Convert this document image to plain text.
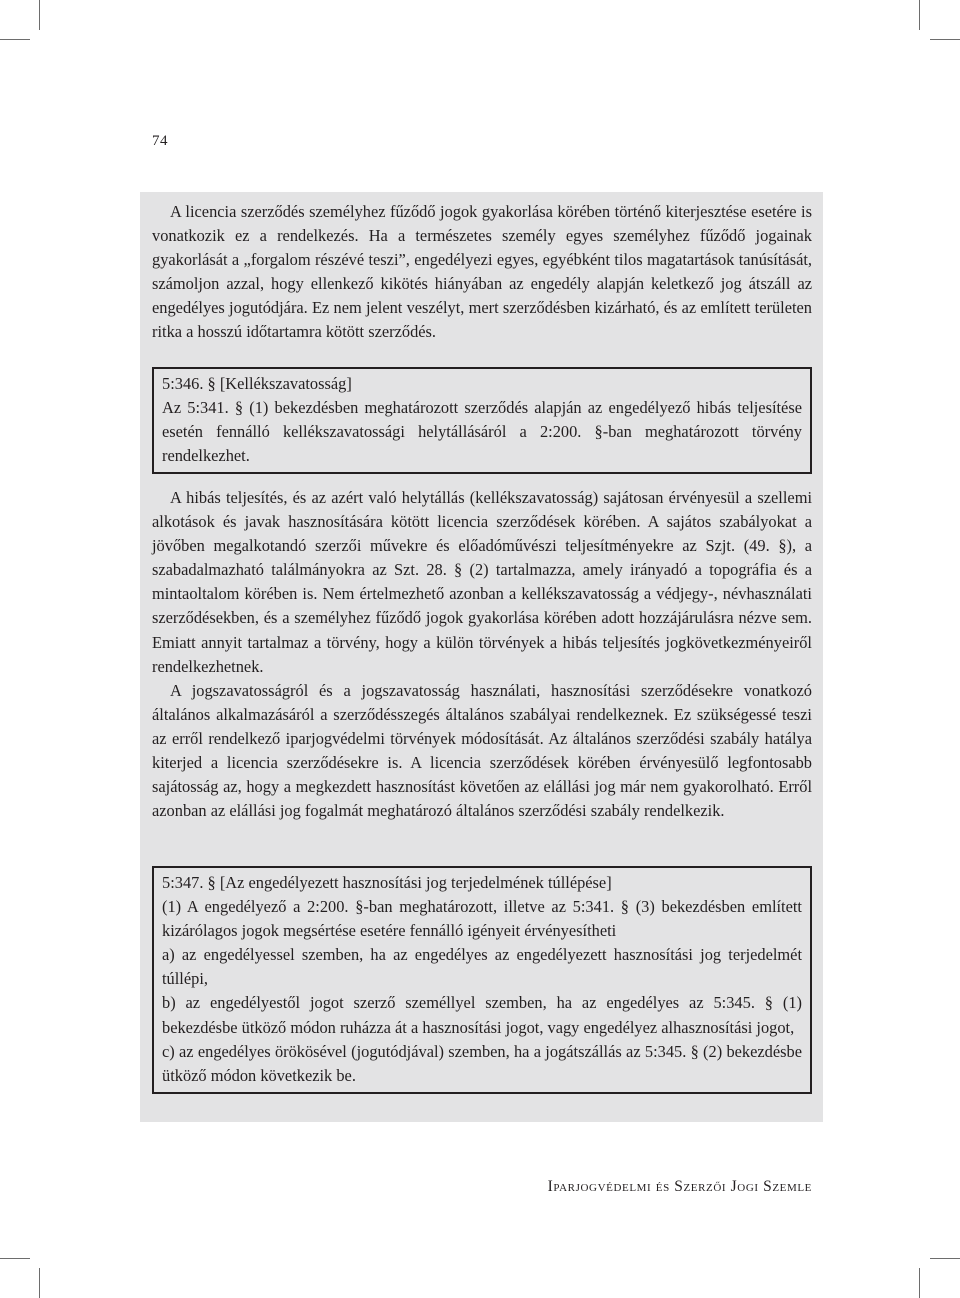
74

A licencia szerződés személyhez fűződő jogok gyakorlása körében történő kiterjesztése esetére is vonatkozik ez a rendelkezés. Ha a természetes személy egyes személyhez fűződő jogainak gyakorlását a „forgalom részévé teszi”, engedélyezi egyes, egyébként tilos magatartások tanúsítását, számoljon azzal, hogy ellenkező kikötés hiányában az engedély alapján keletkező jog átszáll az engedélyes jogutódjára. Ez nem jelent veszélyt, mert szerződésben kizárható, és az említett területen ritka a hosszú időtartamra kötött szerződés.

5:346. § [Kellékszavatosság]
Az 5:341. § (1) bekezdésben meghatározott szerződés alapján az engedélyező hibás teljesítése esetén fennálló kellékszavatossági helytállásáról a 2:200. §-ban meghatározott törvény rendelkezhet.

A hibás teljesítés, és az azért való helytállás (kellékszavatosság) sajátosan érvényesül a szellemi alkotások és javak hasznosítására kötött licencia szerződések körében. A sajátos szabályokat a jövőben megalkotandó szerzői művekre és előadóművészi teljesítményekre az Szjt. (49. §), a szabadalmazható találmányokra az Szt. 28. § (2) tartalmazza, amely irányadó a topográfia és a mintaoltalom körében is. Nem értelmezhető azonban a kellékszavatosság a védjegy-, névhasználati szerződésekben, és a személyhez fűződő jogok gyakorlása körében adott hozzájárulásra nézve sem. Emiatt annyit tartalmaz a törvény, hogy a külön törvények a hibás teljesítés jogkövetkezményeiről rendelkezhetnek.

A jogszavatosságról és a jogszavatosság használati, hasznosítási szerződésekre vonatkozó általános alkalmazásáról a szerződésszegés általános szabályai rendelkeznek. Ez szükségessé teszi az erről rendelkező iparjogvédelmi törvények módosítását. Az általános szerződési szabály hatálya kiterjed a licencia szerződésekre is. A licencia szerződések körében érvényesülő legfontosabb sajátosság az, hogy a megkezdett hasznosítást követően az elállási jog már nem gyakorolható. Erről azonban az elállási jog fogalmát meghatározó általános szerződési szabály rendelkezik.

5:347. § [Az engedélyezett hasznosítási jog terjedelmének túllépése]
(1) A engedélyező a 2:200. §-ban meghatározott, illetve az 5:341. § (3) bekezdésben említett kizárólagos jogok megsértése esetére fennálló igényeit érvényesítheti
a) az engedélyessel szemben, ha az engedélyes az engedélyezett hasznosítási jog terjedelmét túllépi,
b) az engedélyestől jogot szerző személlyel szemben, ha az engedélyes az 5:345. § (1) bekezdésbe ütköző módon ruházza át a hasznosítási jogot, vagy engedélyez alhasznosítási jogot,
c) az engedélyes örökösével (jogutódjával) szemben, ha a jogátszállás az 5:345. § (2) bekezdésbe ütköző módon következik be.
Iparjogvédelmi és Szerzői Jogi Szemle
